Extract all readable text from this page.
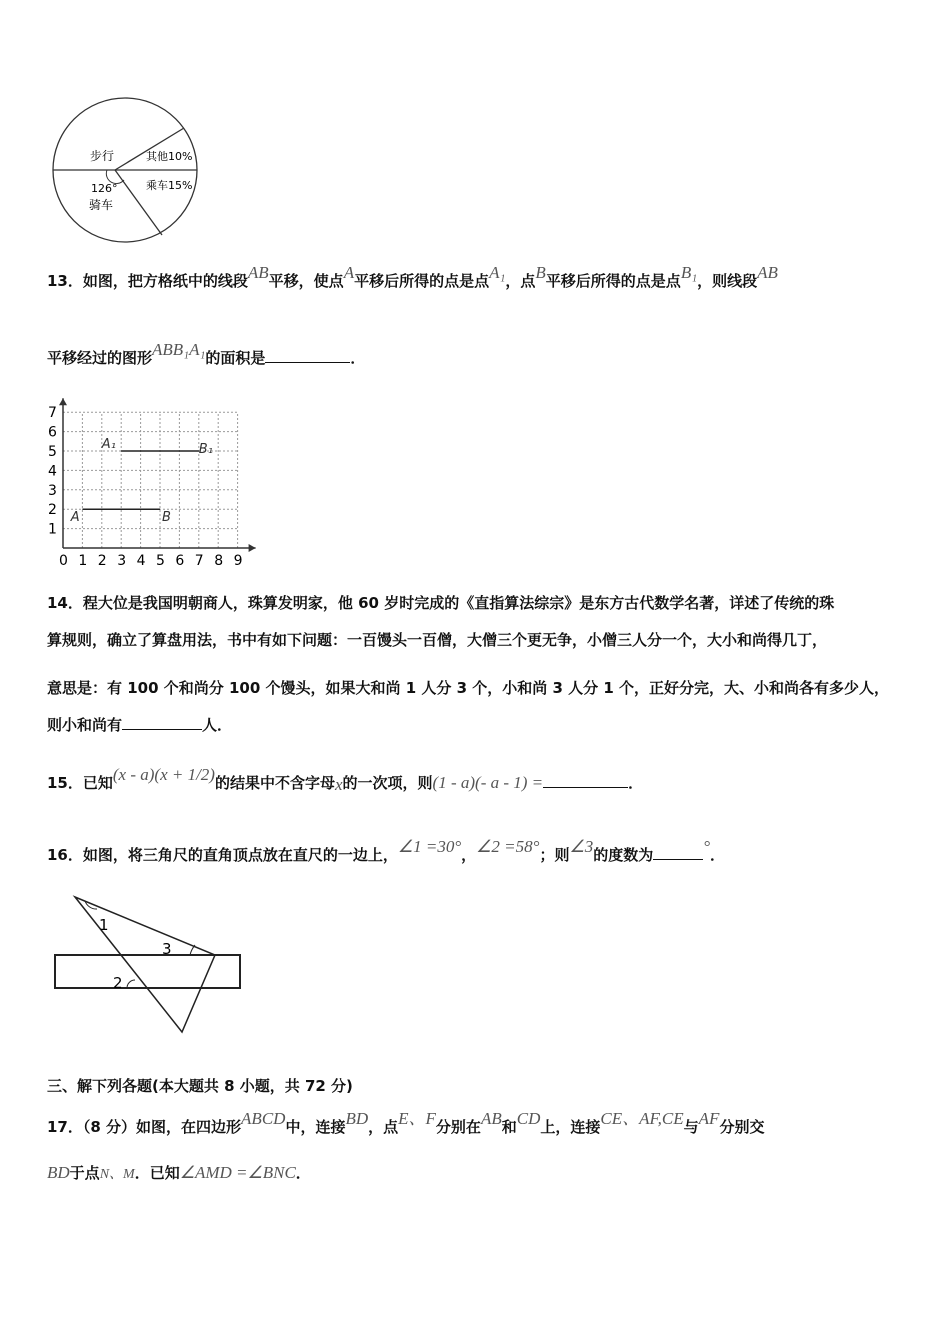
步行	其他10%
乘车15%
126°
骑车
13．如图，把方格纸中的线段AB平移，使点A平移后所得的点是点A₁，点B平移后所得的点是点B₁，则线段AB
平移经过的图形ABB₁A₁的面积是	．
0 1 2 3 4 5 6 7 8 9
1
2
3
4
5
6
7
A	B
A₁	B₁
14．程大位是我国明朝商人，珠算发明家，他 60 岁时完成的《直指算法综宗》是东方古代数学名著，详述了传统的珠
算规则，确立了算盘用法，书中有如下问题：一百馒头一百僧，大僧三个更无争，小僧三人分一个，大小和尚得几丁，
意思是：有 100 个和尚分 100 个馒头，如果大和尚 1 人分 3 个，小和尚 3 人分 1 个，正好分完，大、小和尚各有多少人，
则小和尚有	人．
15．已知(x - a)(x + 1/2)的结果中不含字母x的一次项，则(1 - a)(- a - 1) =	．
16．如图，将三角尺的直角顶点放在直尺的一边上，∠1 =30°，∠2 =58°；则∠3的度数为	°．
1
2
3
三、解下列各题(本大题共 8 小题，共 72 分)
17．（8 分）如图，在四边形ABCD中，连接BD，点E、F分别在AB和CD上，连接CE、AF,CE与AF分别交
BD于点N、M．已知∠AMD =∠BNC．
